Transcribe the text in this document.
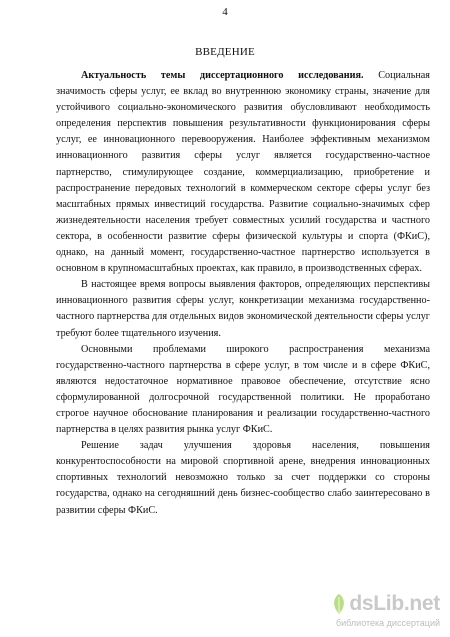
4
ВВЕДЕНИЕ

Актуальность темы диссертационного исследования. Социальная значимость сферы услуг, ее вклад во внутреннюю экономику страны, значение для устойчивого социально-экономического развития обусловливают необходимость определения перспектив повышения результативности функционирования сферы услуг, ее инновационного перевооружения. Наиболее эффективным механизмом инновационного развития сферы услуг является государственно-частное партнерство, стимулирующее создание, коммерциализацию, приобретение и распространение передовых технологий в коммерческом секторе сферы услуг без масштабных прямых инвестиций государства. Развитие социально-значимых сфер жизнедеятельности населения требует совместных усилий государства и частного сектора, в особенности развитие сферы физической культуры и спорта (ФКиС), однако, на данный момент, государственно-частное партнерство используется в основном в крупномасштабных проектах, как правило, в производственных сферах.

В настоящее время вопросы выявления факторов, определяющих перспективы инновационного развития сферы услуг, конкретизации механизма государственно-частного партнерства для отдельных видов экономической деятельности сферы услуг требуют более тщательного изучения.

Основными проблемами широкого распространения механизма государственно-частного партнерства в сфере услуг, в том числе и в сфере ФКиС, являются недостаточное нормативное правовое обеспечение, отсутствие ясно сформулированной долгосрочной государственной политики. Не проработано строгое научное обоснование планирования и реализации государственно-частного партнерства в целях развития рынка услуг ФКиС.

Решение задач улучшения здоровья населения, повышения конкурентоспособности на мировой спортивной арене, внедрения инновационных спортивных технологий невозможно только за счет поддержки со стороны государства, однако на сегодняшний день бизнес-сообщество слабо заинтересовано в развитии сферы ФКиС.

dsLib.net
библиотека диссертаций
